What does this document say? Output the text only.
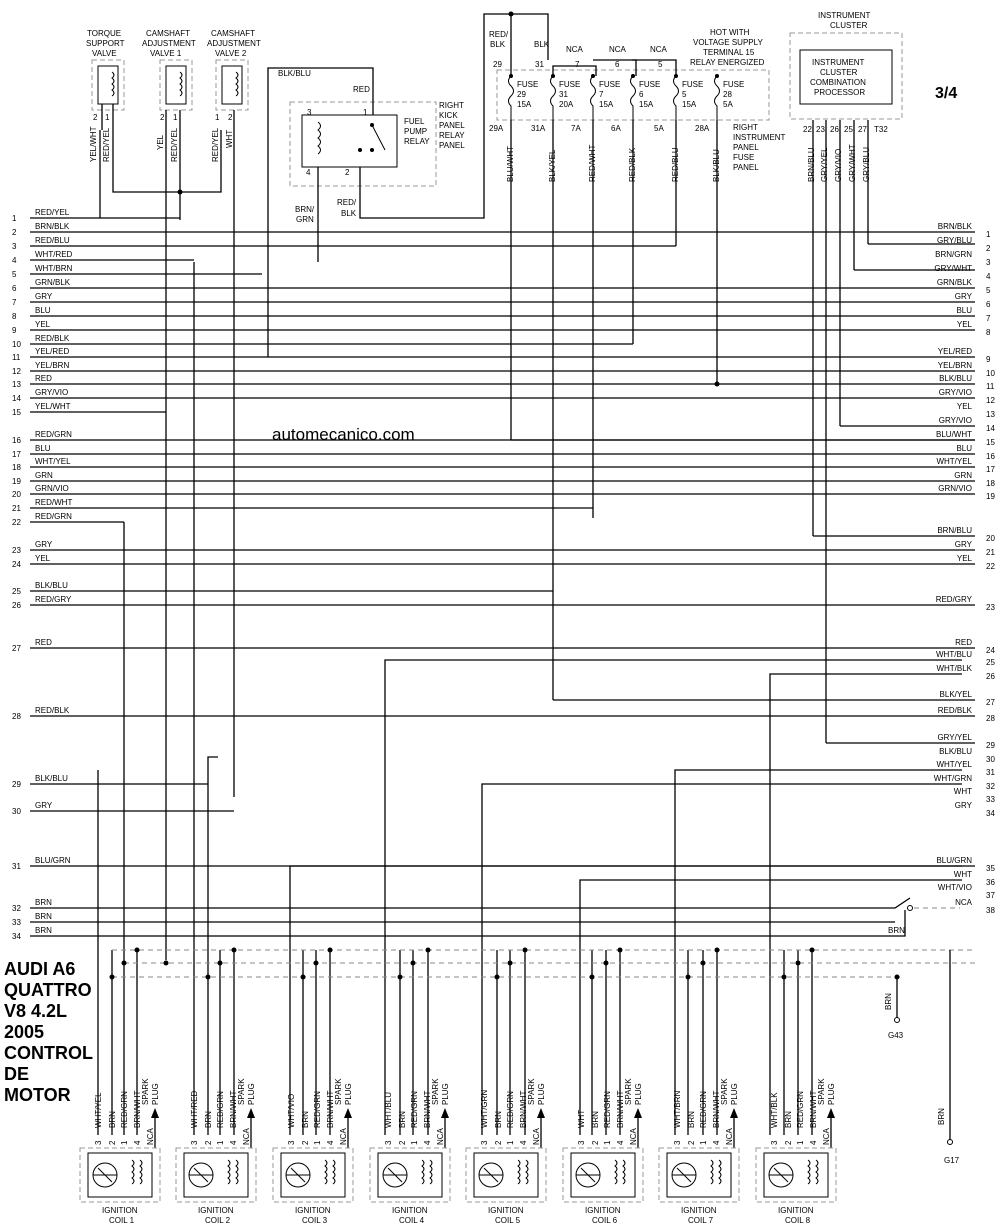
3/4
automecanico.com
AUDI A6
QUATTRO
V8 4.2L
2005
CONTROL
DE
MOTOR
TORQUE
SUPPORT
VALVE
CAMSHAFT
ADJUSTMENT
VALVE 1
CAMSHAFT
ADJUSTMENT
VALVE 2
2 1	2 1	1 2
YEL/WHT RED/YEL	YEL RED/YEL	RED/YEL WHT
3	1
4	2
FUEL
PUMP
RELAY
RIGHT
KICK
PANEL
RELAY
PANEL
BLK/BLU
RED
BRN/
GRN
RED/
BLK
RED/
BLK	BLK
NCA	NCA	NCA
HOT WITH
VOLTAGE SUPPLY
TERMINAL 15
RELAY ENERGIZED
FUSE
29
15A
29
29A
BLU/WHT
FUSE
31
20A
31
31A
BLK/YEL
FUSE
7
15A
7
7A
RED/WHT
FUSE
6
15A
6
6A
RED/BLK
FUSE
5
15A
5
5A
RED/BLU
FUSE
28
5A
28A
BLK/BLU
RIGHT
INSTRUMENT
PANEL
FUSE
PANEL
INSTRUMENT
CLUSTER
INSTRUMENT
CLUSTER
COMBINATION
PROCESSOR
T32
22
BRN/BLU
23
GRY/YEL
26
GRY/VIO
25
GRY/WHT
27
GRY/BLU
1
RED/YEL
2
BRN/BLK
3
RED/BLU
4
WHT/RED
5
WHT/BRN
6
GRN/BLK
7
GRY
8
BLU
9
YEL
10
RED/BLK
11
YEL/RED
12
YEL/BRN
13
RED
14
GRY/VIO
15
YEL/WHT
16
RED/GRN
17
BLU
18
WHT/YEL
19
GRN
20
GRN/VIO
21
RED/WHT
22
RED/GRN
23
GRY
24
YEL
25
BLK/BLU
26
RED/GRY
27
RED
28
RED/BLK
29
BLK/BLU
30
GRY
31
BLU/GRN
32
BRN
33
BRN
34
BRN
1
BRN/BLK
2
GRY/BLU
3
BRN/GRN
4
GRY/WHT
5
GRN/BLK
6
GRY
7
BLU
8
YEL
9
YEL/RED
10
YEL/BRN
11
BLK/BLU
12
GRY/VIO
13
YEL
14
GRY/VIO
15
BLU/WHT
16
BLU
17
WHT/YEL
18
GRN
19
GRN/VIO
20
BRN/BLU
21
GRY
22
YEL
23
RED/GRY
24
RED
25
WHT/BLU
26
WHT/BLK
27
BLK/YEL
28
RED/BLK
29
GRY/YEL
30
BLK/BLU
31
WHT/YEL
32
WHT/GRN
33
WHT
34
GRY
35
BLU/GRN
36
WHT
37
WHT/VIO
38
NCA
BRN
G43
BRN
G17
BRN
WHT/YEL BRN RED/GRN BRN/WHT SPARK PLUG
3 2 1 4 NCA
IGNITION
COIL 1
WHT/RED BRN RED/GRN BRN/WHT SPARK PLUG
3 2 1 4 NCA
IGNITION
COIL 2
WHT/VIO BRN RED/GRN BRN/WHT SPARK PLUG
3 2 1 4 NCA
IGNITION
COIL 3
WHT/BLU BRN RED/GRN BRN/WHT SPARK PLUG
3 2 1 4 NCA
IGNITION
COIL 4
WHT/GRN BRN RED/GRN BRN/WHT SPARK PLUG
3 2 1 4 NCA
IGNITION
COIL 5
WHT BRN RED/GRN BRN/WHT SPARK PLUG
3 2 1 4 NCA
IGNITION
COIL 6
WHT/BRN BRN RED/GRN BRN/WHT SPARK PLUG
3 2 1 4 NCA
IGNITION
COIL 7
WHT/BLK BRN RED/GRN BRN/WHT SPARK PLUG
3 2 1 4 NCA
IGNITION
COIL 8
